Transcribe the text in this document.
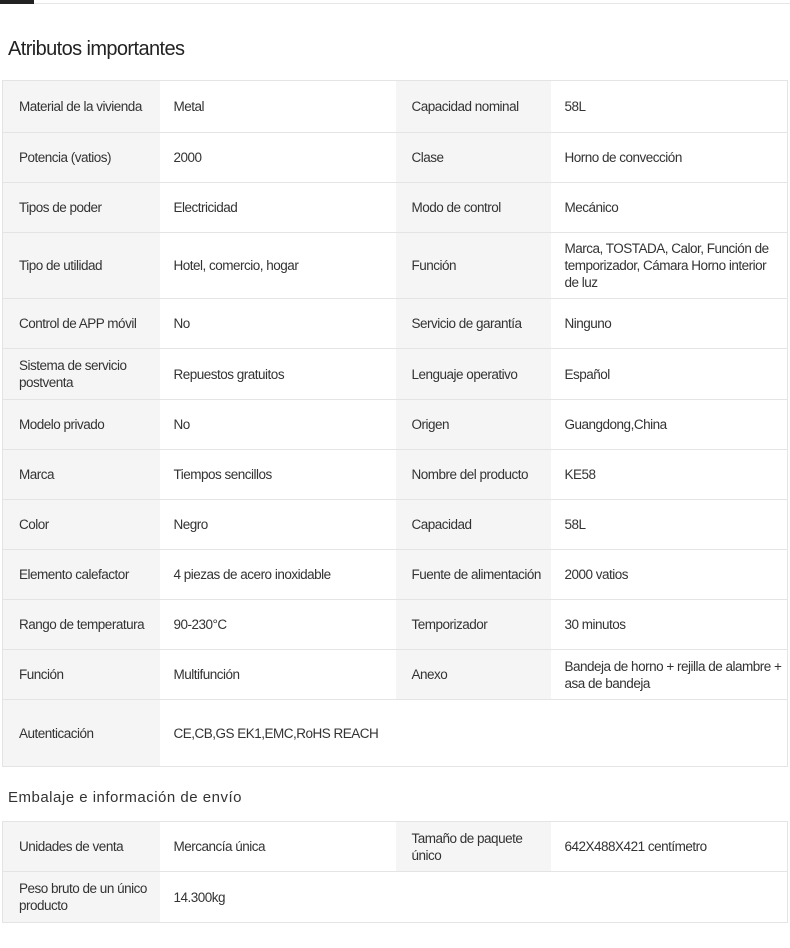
Atributos importantes
Material de la vivienda	Metal	Capacidad nominal	58L
Potencia (vatios)	2000	Clase	Horno de convección
Tipos de poder	Electricidad	Modo de control	Mecánico
Tipo de utilidad	Hotel, comercio, hogar	Función	Marca, TOSTADA, Calor, Función de temporizador, Cámara Horno interior de luz
Control de APP móvil	No	Servicio de garantía	Ninguno
Sistema de servicio postventa	Repuestos gratuitos	Lenguaje operativo	Español
Modelo privado	No	Origen	Guangdong,China
Marca	Tiempos sencillos	Nombre del producto	KE58
Color	Negro	Capacidad	58L
Elemento calefactor	4 piezas de acero inoxidable	Fuente de alimentación	2000 vatios
Rango de temperatura	90-230°C	Temporizador	30 minutos
Función	Multifunción	Anexo	Bandeja de horno + rejilla de alambre + asa de bandeja
Autenticación	CE,CB,GS EK1,EMC,RoHS REACH		
Embalaje e información de envío
Unidades de venta	Mercancía única	Tamaño de paquete único	642X488X421 centímetro
Peso bruto de un único producto	14.300kg		
